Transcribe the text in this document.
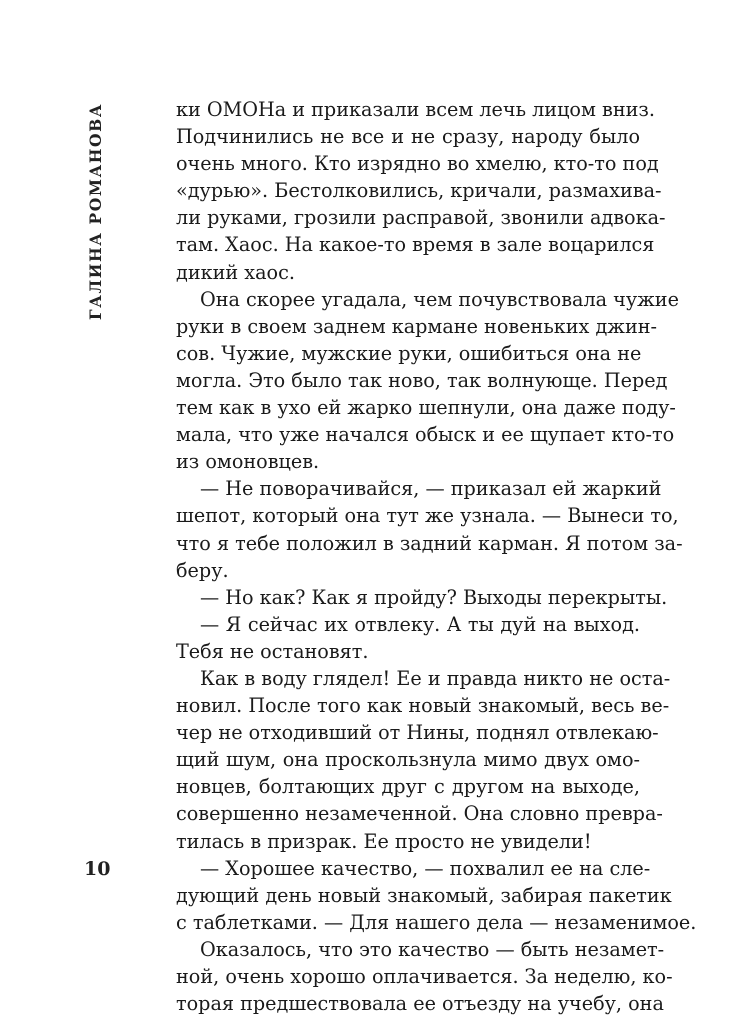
ГАЛИНА РОМАНОВА
10
ки ОМОНа и приказали всем лечь лицом вниз.
Подчинились не все и не сразу, народу было
очень много. Кто изрядно во хмелю, кто-то под
«дурью». Бестолковились, кричали, размахива-
ли руками, грозили расправой, звонили адвока-
там. Хаос. На какое-то время в зале воцарился
дикий хаос.
Она скорее угадала, чем почувствовала чужие
руки в своем заднем кармане новеньких джин-
сов. Чужие, мужские руки, ошибиться она не
могла. Это было так ново, так волнующе. Перед
тем как в ухо ей жарко шепнули, она даже поду-
мала, что уже начался обыск и ее щупает кто-то
из омоновцев.
— Не поворачивайся, — приказал ей жаркий
шепот, который она тут же узнала. — Вынеси то,
что я тебе положил в задний карман. Я потом за-
беру.
— Но как? Как я пройду? Выходы перекрыты.
— Я сейчас их отвлеку. А ты дуй на выход.
Тебя не остановят.
Как в воду глядел! Ее и правда никто не оста-
новил. После того как новый знакомый, весь ве-
чер не отходивший от Нины, поднял отвлекаю-
щий шум, она проскользнула мимо двух омо-
новцев, болтающих друг с другом на выходе,
совершенно незамеченной. Она словно превра-
тилась в призрак. Ее просто не увидели!
— Хорошее качество, — похвалил ее на сле-
дующий день новый знакомый, забирая пакетик
с таблетками. — Для нашего дела — незаменимое.
Оказалось, что это качество — быть незамет-
ной, очень хорошо оплачивается. За неделю, ко-
торая предшествовала ее отъезду на учебу, она
